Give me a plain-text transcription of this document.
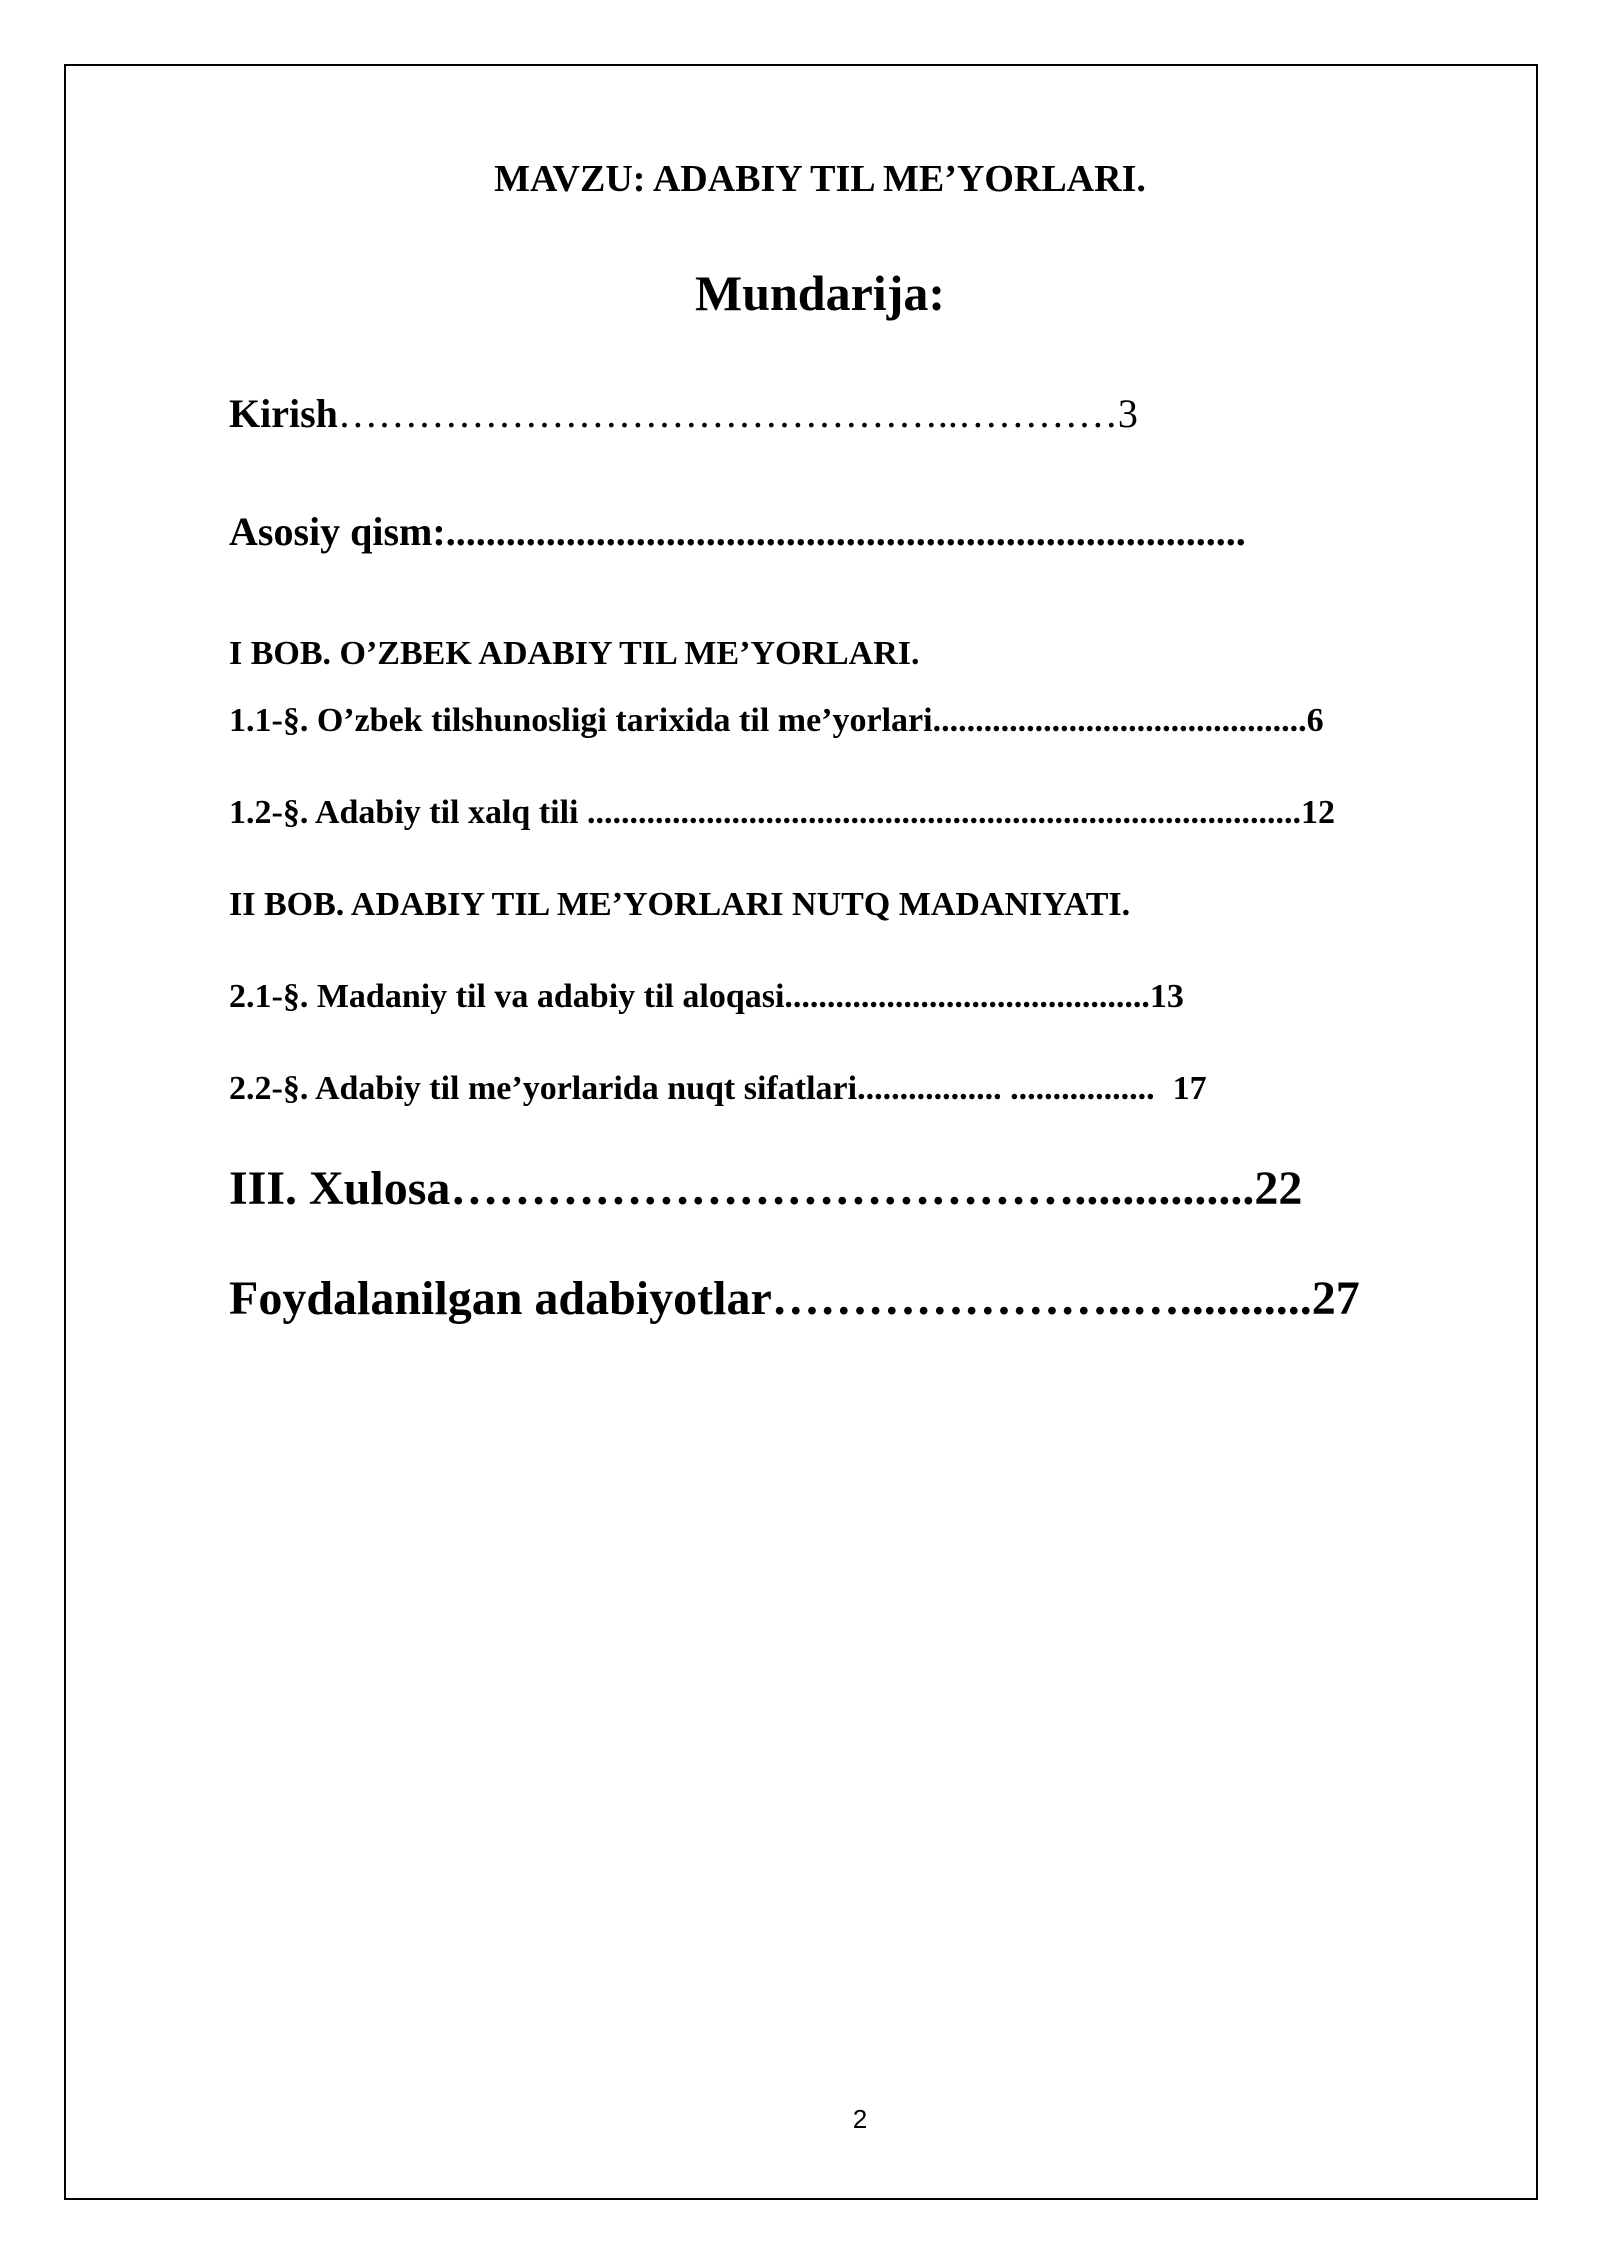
MAVZU: ADABIY TIL ME’YORLARI.
Mundarija:
Kirish………………………………………..…………3
Asosiy qism:................................................................................
I BOB. O’ZBEK ADABIY TIL ME’YORLARI.
1.1-§. O’zbek tilshunosligi tarixida til me’yorlari............................................6
1.2-§. Adabiy til xalq tili ....................................................................................12
II BOB. ADABIY TIL ME’YORLARI NUTQ MADANIYATI.
2.1-§. Madaniy til va adabiy til aloqasi...........................................13
2.2-§. Adabiy til me’yorlarida nuqt sifatlari................. ................. 17
III. Xulosa…………………………………...............22
Foydalanilgan adabiyotlar…………………..…...........27
2
